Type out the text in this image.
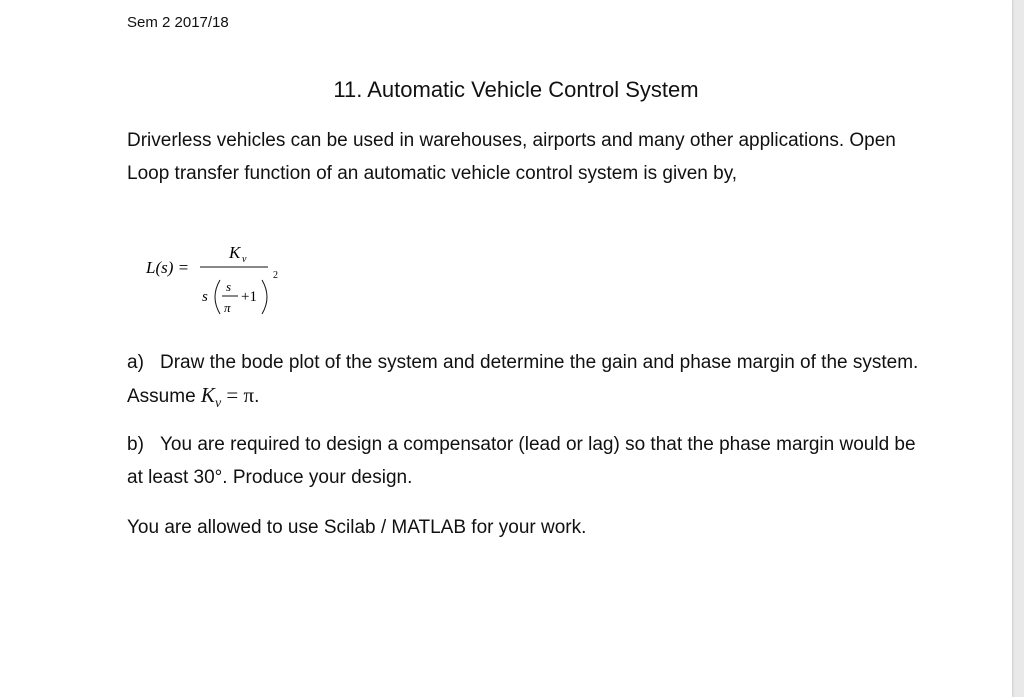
Sem 2 2017/18
11. Automatic Vehicle Control System
Driverless vehicles can be used in warehouses, airports and many other applications. Open Loop transfer function of an automatic vehicle control system is given by,
L(s) =
K v
s
s
π
+1
2
a) Draw the bode plot of the system and determine the gain and phase margin of the system. Assume $K_v = \pi$.
b) You are required to design a compensator (lead or lag) so that the phase margin would be at least 30°. Produce your design.
You are allowed to use Scilab / MATLAB for your work.
